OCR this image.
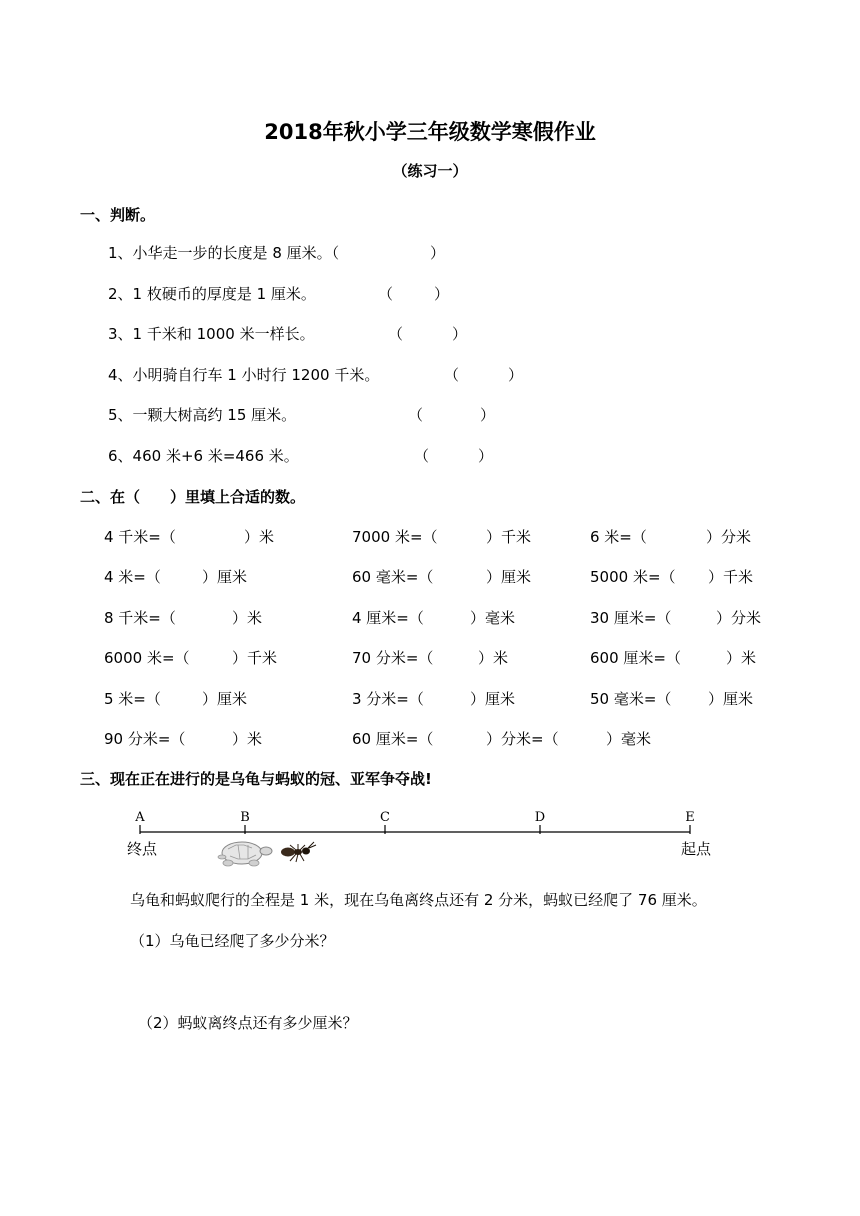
2018年秋小学三年级数学寒假作业
（练习一）
一、判断。
1、小华走一步的长度是 8 厘米。（	）
2、1 枚硬币的厚度是 1 厘米。	（	）
3、1 千米和 1000 米一样长。	（	）
4、小明骑自行车 1 小时行 1200 千米。	（	）
5、一颗大树高约 15 厘米。	（	）
6、460 米+6 米=466 米。	（	）
二、在（　　）里填上合适的数。
4 千米=（	）米	7000 米=（	）千米	6 米=（	）分米
4 米=（	）厘米	60 毫米=（	）厘米	5000 米=（ ）千米
8 千米=（	）米	4 厘米=（	）毫米	30 厘米=（	）分米
6000 米=（	）千米	70 分米=（	）米	600 厘米=（	）米
5 米=（	）厘米	3 分米=（	）厘米	50 毫米=（ ）厘米
90 分米=（	）米	60 厘米=（	）分米=（	）毫米
三、现在正在进行的是乌龟与蚂蚁的冠、亚军争夺战!
A	B	C	D	E
终点	起点
乌龟和蚂蚁爬行的全程是 1 米，现在乌龟离终点还有 2 分米，蚂蚁已经爬了 76 厘米。
（1）乌龟已经爬了多少分米？
（2）蚂蚁离终点还有多少厘米？
